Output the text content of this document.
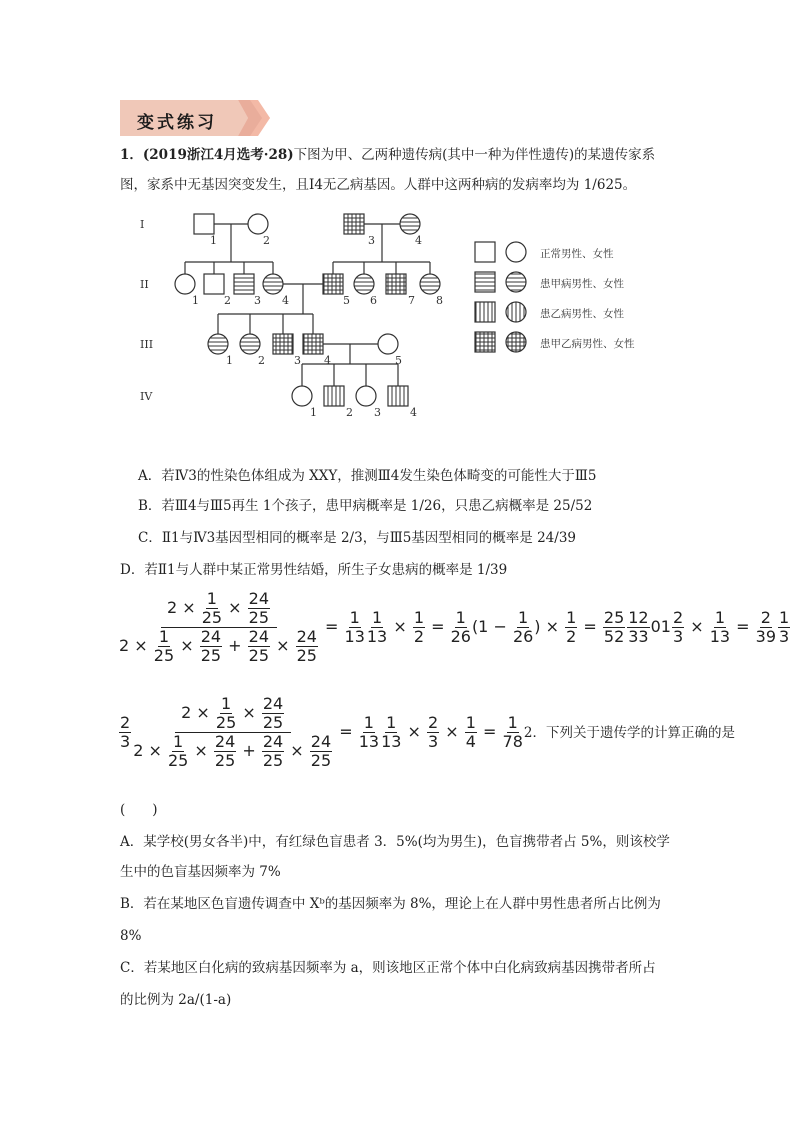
变式练习
1．(2019浙江4月选考·28)下图为甲、乙两种遗传病(其中一种为伴性遗传)的某遗传家系
图，家系中无基因突变发生，且Ⅰ4无乙病基因。人群中这两种病的发病率均为 1/625。
I
II
III
IV
1	2	3	4
1 2 3 4	5 6	7 8
1 2	3 4	5
1	2 3	4
正常男性、女性
患甲病男性、女性
患乙病男性、女性
患甲乙病男性、女性
A．若Ⅳ3的性染色体组成为 XXY，推测Ⅲ4发生染色体畸变的可能性大于Ⅲ5
B．若Ⅲ4与Ⅲ5再生 1个孩子，患甲病概率是 1/26，只患乙病概率是 25/52
C．Ⅱ1与Ⅳ3基因型相同的概率是 2/3，与Ⅲ5基因型相同的概率是 24/39
D．若Ⅱ1与人群中某正常男性结婚，所生子女患病的概率是 1/39
$\frac{2 \times \frac{1}{25} \times \frac{24}{25}}{2 \times \frac{1}{25} \times \frac{24}{25} + \frac{24}{25} \times \frac{24}{25}} = \frac{1}{13} \frac{1}{13} \times \frac{1}{2} = \frac{1}{26} (1 - \frac{1}{26}$ ) × $\frac{1}{2} = \frac{25}{52} \frac{12}{33} 01 \frac{2}{3} \times \frac{1}{13} = \frac{2}{39} \frac{1}{3}$
$\frac{2}{3} \frac{2 \times \frac{1}{25} \times \frac{24}{25}}{2 \times \frac{1}{25} \times \frac{24}{25} + \frac{24}{25} \times \frac{24}{25}} = \frac{1}{13} \frac{1}{13} \times \frac{2}{3} \times \frac{1}{4} = \frac{1}{78} 2$．下列关于遗传学的计算正确的是
(　　)
A．某学校(男女各半)中，有红绿色盲患者 3．5%(均为男生)，色盲携带者占 5%，则该校学
生中的色盲基因频率为 7%
B．若在某地区色盲遗传调查中 Xᵇ的基因频率为 8%，理论上在人群中男性患者所占比例为
8%
C．若某地区白化病的致病基因频率为 a，则该地区正常个体中白化病致病基因携带者所占
的比例为 2a/(1-a)
